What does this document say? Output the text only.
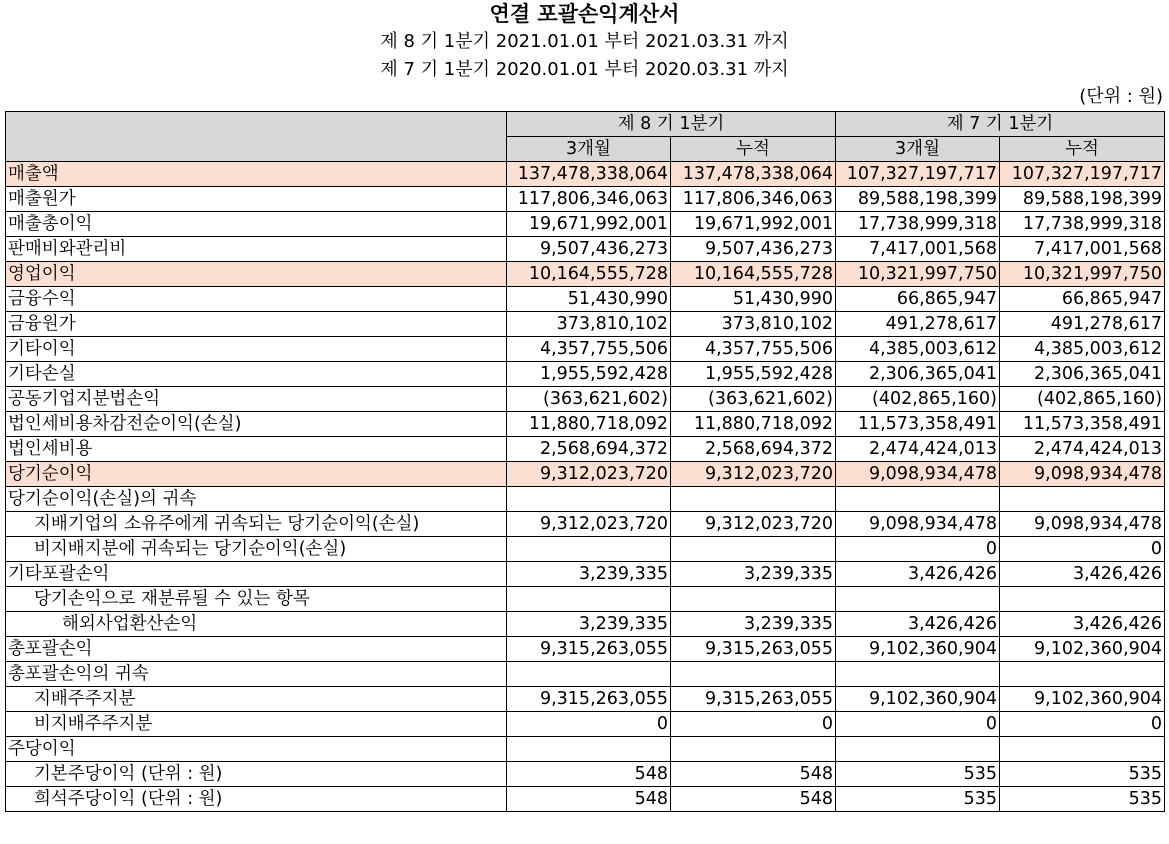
연결 포괄손익계산서
제 8 기 1분기 2021.01.01 부터 2021.03.31 까지
제 7 기 1분기 2020.01.01 부터 2020.03.31 까지
(단위 : 원)
	제 8 기 1분기		제 7 기 1분기	
	3개월	누적	3개월	누적
매출액	137,478,338,064	137,478,338,064	107,327,197,717	107,327,197,717
매출원가	117,806,346,063	117,806,346,063	89,588,198,399	89,588,198,399
매출총이익	19,671,992,001	19,671,992,001	17,738,999,318	17,738,999,318
판매비와관리비	9,507,436,273	9,507,436,273	7,417,001,568	7,417,001,568
영업이익	10,164,555,728	10,164,555,728	10,321,997,750	10,321,997,750
금융수익	51,430,990	51,430,990	66,865,947	66,865,947
금융원가	373,810,102	373,810,102	491,278,617	491,278,617
기타이익	4,357,755,506	4,357,755,506	4,385,003,612	4,385,003,612
기타손실	1,955,592,428	1,955,592,428	2,306,365,041	2,306,365,041
공동기업지분법손익	(363,621,602)	(363,621,602)	(402,865,160)	(402,865,160)
법인세비용차감전순이익(손실)	11,880,718,092	11,880,718,092	11,573,358,491	11,573,358,491
법인세비용	2,568,694,372	2,568,694,372	2,474,424,013	2,474,424,013
당기순이익	9,312,023,720	9,312,023,720	9,098,934,478	9,098,934,478
당기순이익(손실)의 귀속				
지배기업의 소유주에게 귀속되는 당기순이익(손실)	9,312,023,720	9,312,023,720	9,098,934,478	9,098,934,478
비지배지분에 귀속되는 당기순이익(손실)			0	0
기타포괄손익	3,239,335	3,239,335	3,426,426	3,426,426
당기손익으로 재분류될 수 있는 항목				
해외사업환산손익	3,239,335	3,239,335	3,426,426	3,426,426
총포괄손익	9,315,263,055	9,315,263,055	9,102,360,904	9,102,360,904
총포괄손익의 귀속				
지배주주지분	9,315,263,055	9,315,263,055	9,102,360,904	9,102,360,904
비지배주주지분	0	0	0	0
주당이익				
기본주당이익 (단위 : 원)	548	548	535	535
희석주당이익 (단위 : 원)	548	548	535	535
